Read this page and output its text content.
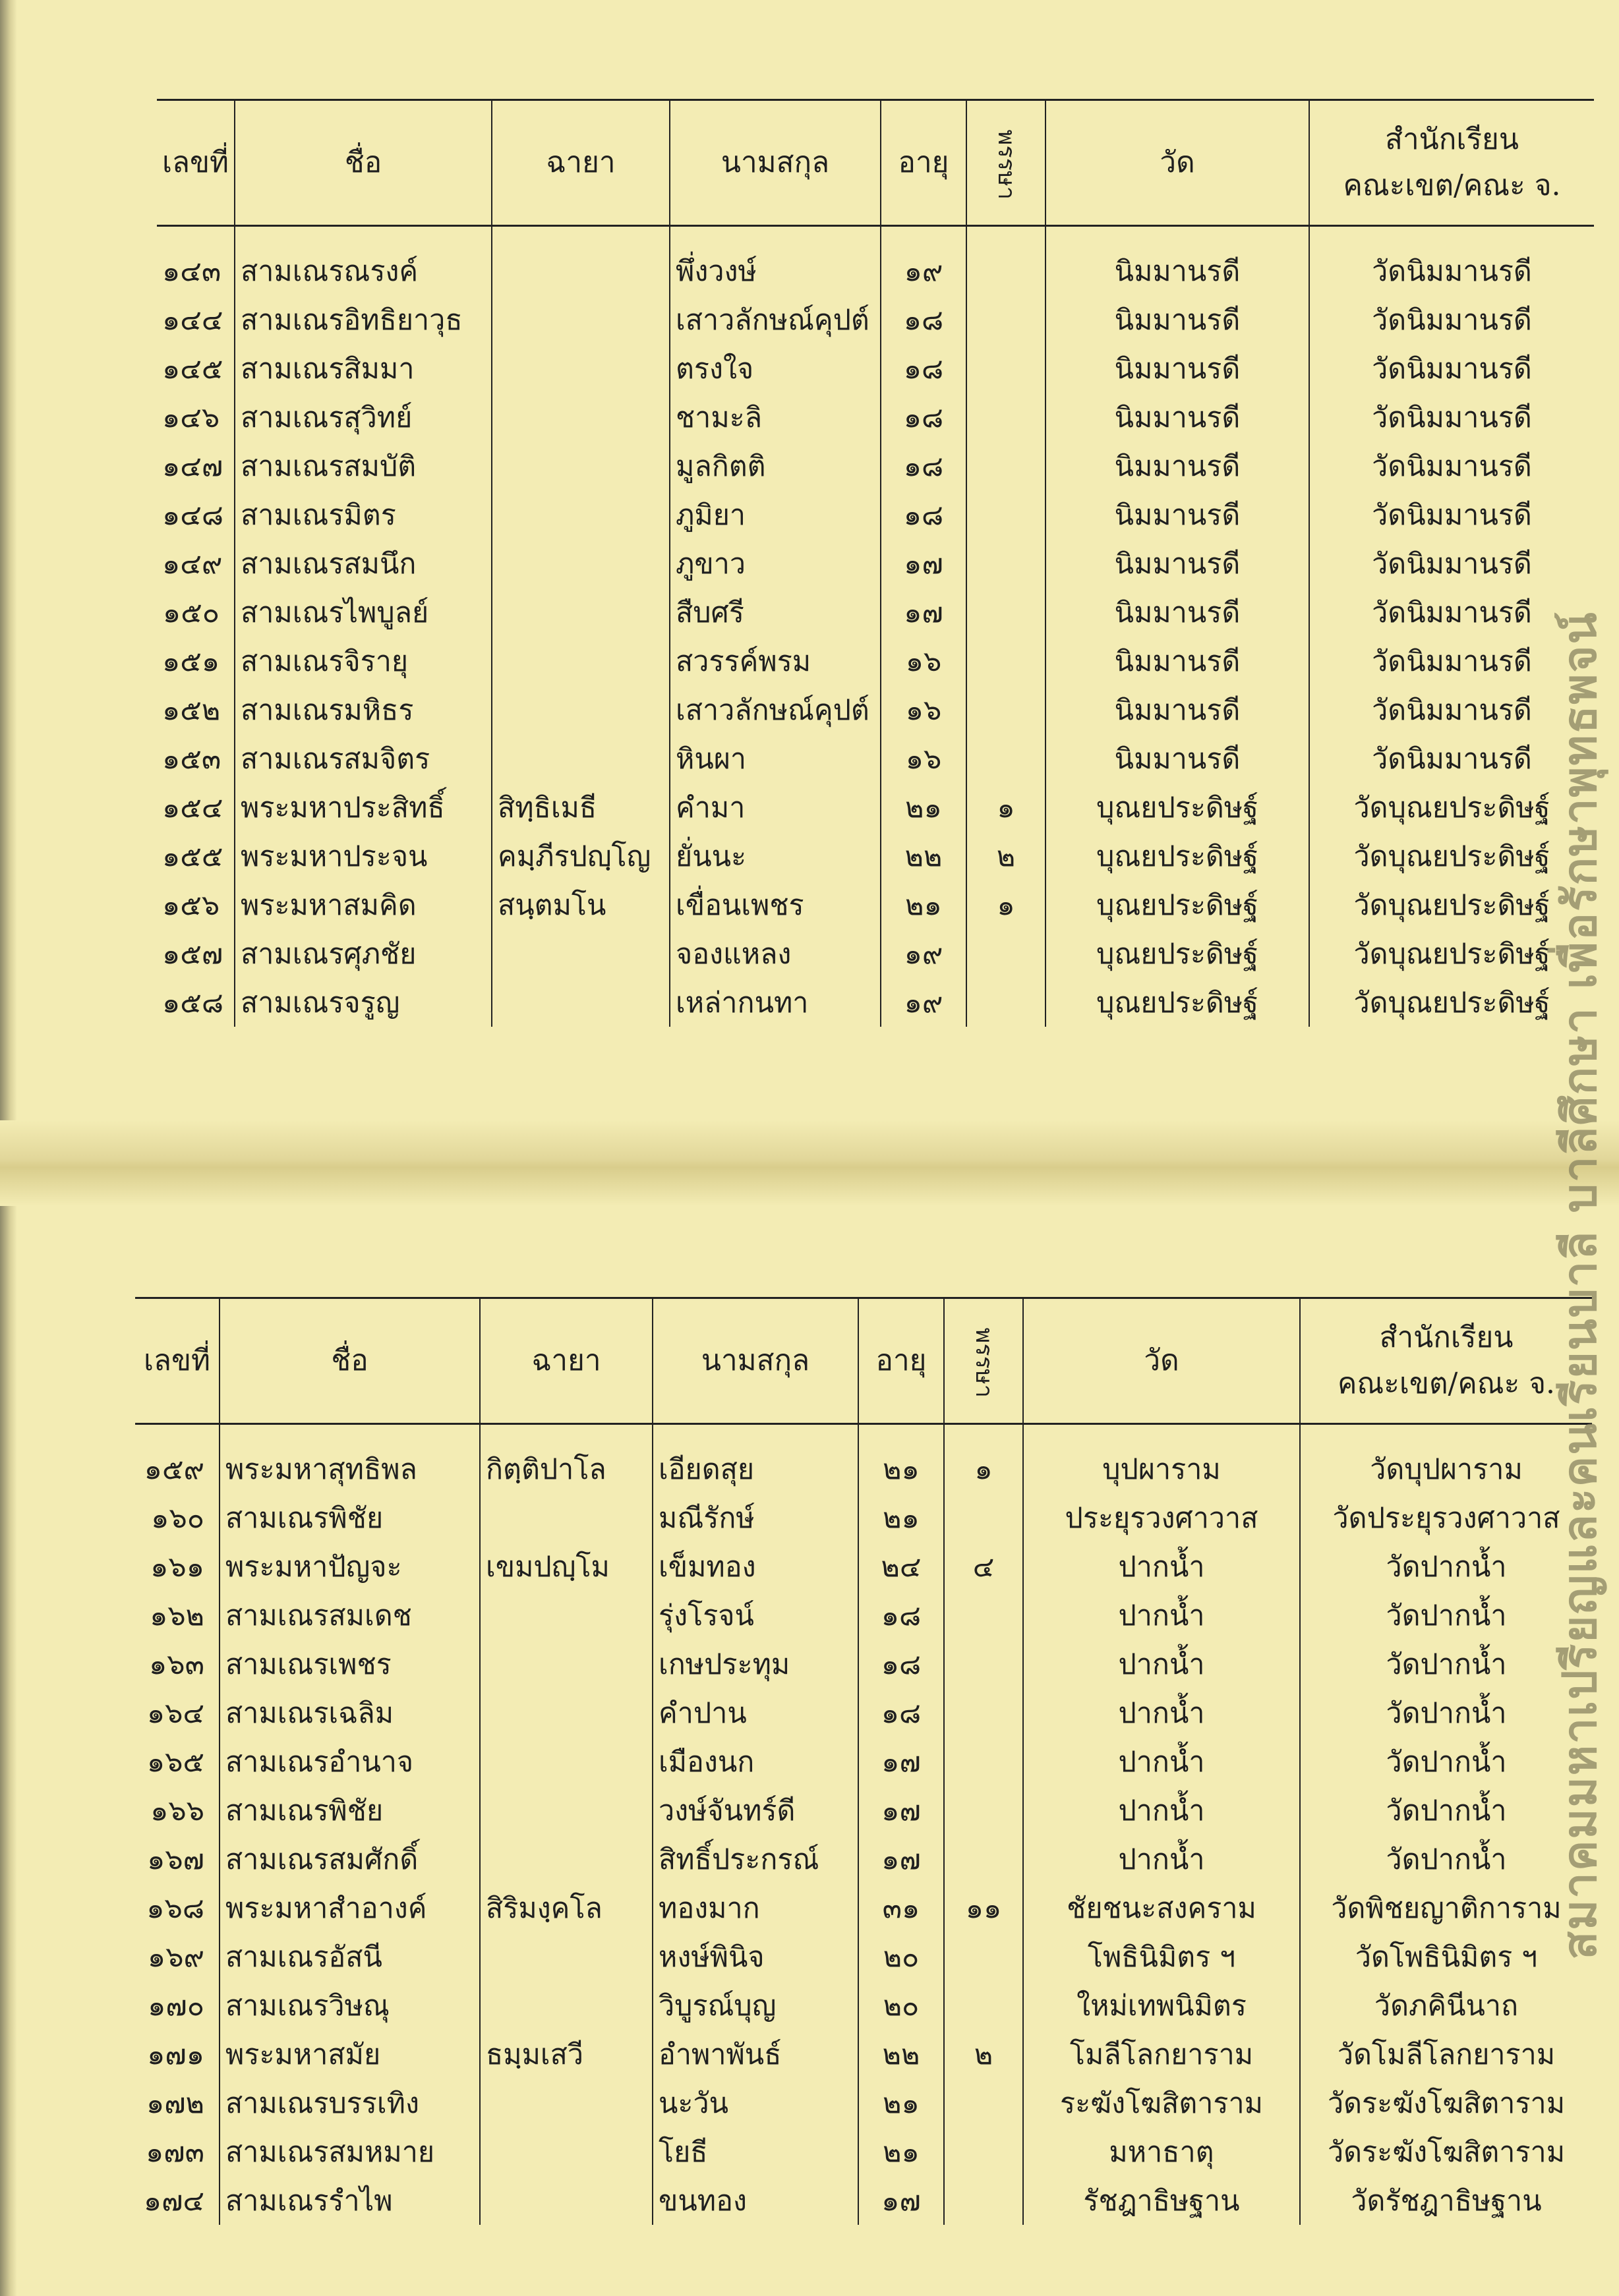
เลขที่	ชื่อ	ฉายา	นามสกุล	อายุ	พรรษา	วัด	สำนักเรียน
คณะเขต/คณะ จ.

๑๔๓	สามเณรณรงค์		พึ่งวงษ์	๑๙		นิมมานรดี	วัดนิมมานรดี
๑๔๔	สามเณรอิทธิยาวุธ		เสาวลักษณ์คุปต์	๑๘		นิมมานรดี	วัดนิมมานรดี
๑๔๕	สามเณรสิมมา		ตรงใจ	๑๘		นิมมานรดี	วัดนิมมานรดี
๑๔๖	สามเณรสุวิทย์		ชามะลิ	๑๘		นิมมานรดี	วัดนิมมานรดี
๑๔๗	สามเณรสมบัติ		มูลกิตติ	๑๘		นิมมานรดี	วัดนิมมานรดี
๑๔๘	สามเณรมิตร		ภูมิยา	๑๘		นิมมานรดี	วัดนิมมานรดี
๑๔๙	สามเณรสมนึก		ภูขาว	๑๗		นิมมานรดี	วัดนิมมานรดี
๑๕๐	สามเณรไพบูลย์		สืบศรี	๑๗		นิมมานรดี	วัดนิมมานรดี
๑๕๑	สามเณรจิรายุ		สวรรค์พรม	๑๖		นิมมานรดี	วัดนิมมานรดี
๑๕๒	สามเณรมหิธร		เสาวลักษณ์คุปต์	๑๖		นิมมานรดี	วัดนิมมานรดี
๑๕๓	สามเณรสมจิตร		หินผา	๑๖		นิมมานรดี	วัดนิมมานรดี
๑๕๔	พระมหาประสิทธิ์	สิทฺธิเมธี	คำมา	๒๑	๑	บุณยประดิษฐ์	วัดบุณยประดิษฐ์
๑๕๕	พระมหาประจน	คมฺภีรปญฺโญ	ยั่นนะ	๒๒	๒	บุณยประดิษฐ์	วัดบุณยประดิษฐ์
๑๕๖	พระมหาสมคิด	สนฺตมโน	เขื่อนเพชร	๒๑	๑	บุณยประดิษฐ์	วัดบุณยประดิษฐ์
๑๕๗	สามเณรศุภชัย		จองแหลง	๑๙		บุณยประดิษฐ์	วัดบุณยประดิษฐ์
๑๕๘	สามเณรจรูญ		เหล่ากนทา	๑๙		บุณยประดิษฐ์	วัดบุณยประดิษฐ์
เลขที่	ชื่อ	ฉายา	นามสกุล	อายุ	พรรษา	วัด	สำนักเรียน
คณะเขต/คณะ จ.

๑๕๙	พระมหาสุทธิพล	กิตฺติปาโล	เอียดสุย	๒๑	๑	บุปผาราม	วัดบุปผาราม
๑๖๐	สามเณรพิชัย		มณีรักษ์	๒๑		ประยุรวงศาวาส	วัดประยุรวงศาวาส
๑๖๑	พระมหาปัญจะ	เขมปญฺโม	เข็มทอง	๒๔	๔	ปากน้ำ	วัดปากน้ำ
๑๖๒	สามเณรสมเดช		รุ่งโรจน์	๑๘		ปากน้ำ	วัดปากน้ำ
๑๖๓	สามเณรเพชร		เกษประทุม	๑๘		ปากน้ำ	วัดปากน้ำ
๑๖๔	สามเณรเฉลิม		คำปาน	๑๘		ปากน้ำ	วัดปากน้ำ
๑๖๕	สามเณรอำนาจ		เมืองนก	๑๗		ปากน้ำ	วัดปากน้ำ
๑๖๖	สามเณรพิชัย		วงษ์จันทร์ดี	๑๗		ปากน้ำ	วัดปากน้ำ
๑๖๗	สามเณรสมศักดิ์		สิทธิ์ประกรณ์	๑๗		ปากน้ำ	วัดปากน้ำ
๑๖๘	พระมหาสำอางค์	สิริมงฺคโล	ทองมาก	๓๑	๑๑	ชัยชนะสงคราม	วัดพิชยญาติการาม
๑๖๙	สามเณรอัสนี		หงษ์พินิจ	๒๐		โพธินิมิตร ฯ	วัดโพธินิมิตร ฯ
๑๗๐	สามเณรวิษณุ		วิบูรณ์บุญ	๒๐		ใหม่เทพนิมิตร	วัดภคินีนาถ
๑๗๑	พระมหาสมัย	ธมฺมเสวี	อำพาพันธ์	๒๒	๒	โมลีโลกยาราม	วัดโมลีโลกยาราม
๑๗๒	สามเณรบรรเทิง		นะวัน	๒๑		ระฆังโฆสิตาราม	วัดระฆังโฆสิตาราม
๑๗๓	สามเณรสมหมาย		โยธี	๒๑		มหาธาตุ	วัดระฆังโฆสิตาราม
๑๗๔	สามเณรรำไพ		ขนทอง	๑๗		รัชฎาธิษฐาน	วัดรัชฎาธิษฐาน
สมาคมมหาเปรียญและคนเรียนบาลี บาลีศึกษา เพื่อรักษาพุทธพจน์
